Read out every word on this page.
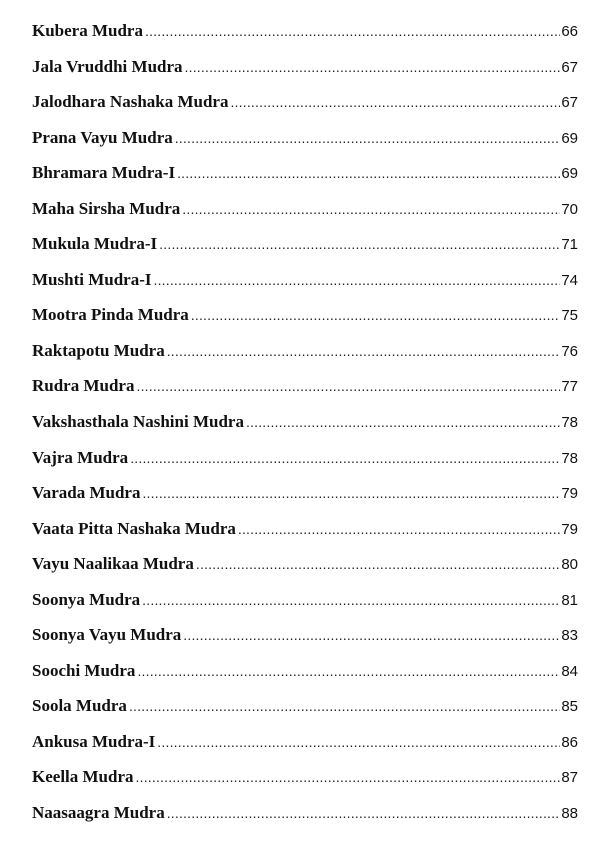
Kubera Mudra .....	66
Jala Vruddhi Mudra .....	67
Jalodhara Nashaka Mudra .....	67
Prana Vayu Mudra .....	69
Bhramara Mudra-I .....	69
Maha Sirsha Mudra .....	70
Mukula Mudra-I .....	71
Mushti Mudra-I .....	74
Mootra Pinda Mudra .....	75
Raktapotu Mudra .....	76
Rudra Mudra .....	77
Vakshasthala Nashini Mudra .....	78
Vajra Mudra .....	78
Varada Mudra .....	79
Vaata Pitta Nashaka Mudra .....	79
Vayu Naalikaa Mudra .....	80
Soonya Mudra .....	81
Soonya Vayu Mudra .....	83
Soochi Mudra .....	84
Soola Mudra .....	85
Ankusa Mudra-I .....	86
Keella Mudra .....	87
Naasaagra Mudra .....	88
